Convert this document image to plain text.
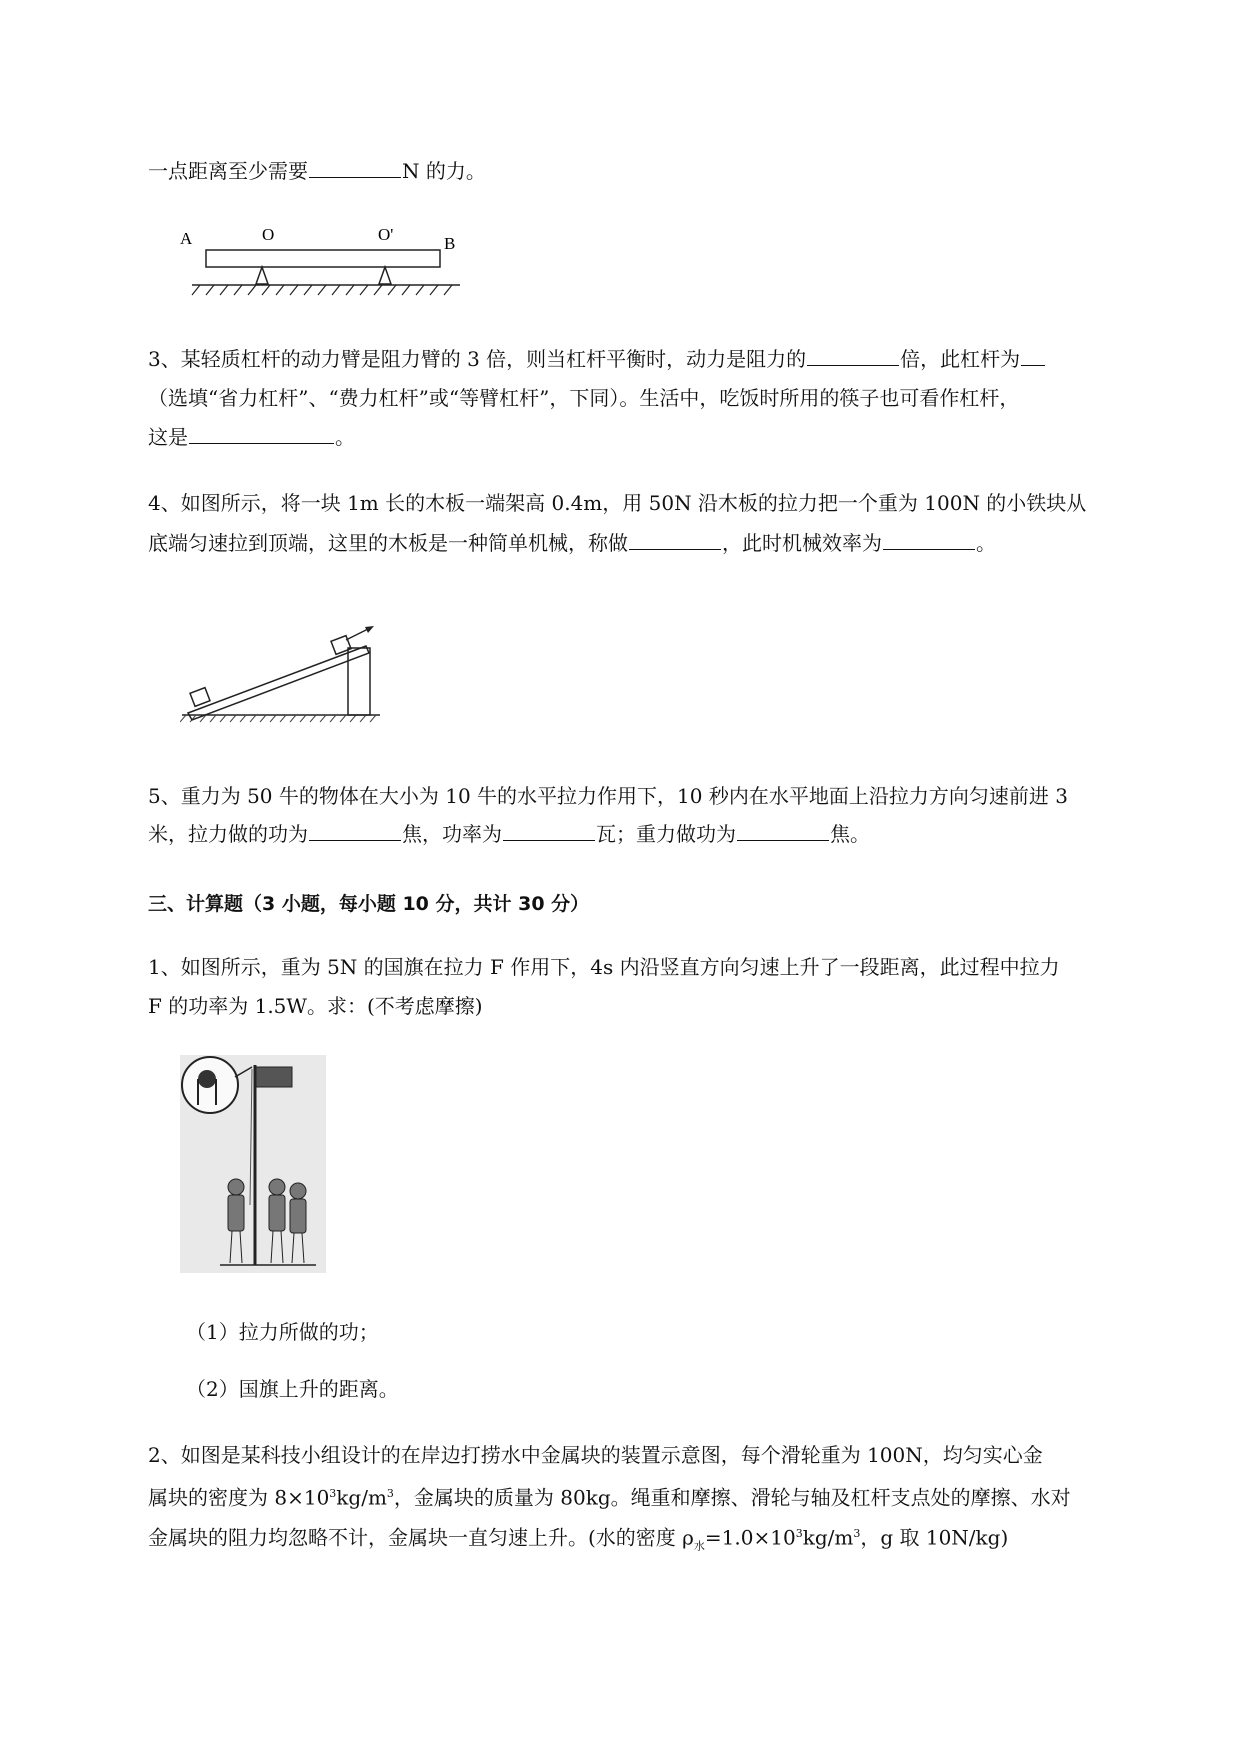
一点距离至少需要	N 的力。
A	O	O'	B
3、某轻质杠杆的动力臂是阻力臂的 3 倍，则当杠杆平衡时，动力是阻力的	倍，此杠杆为
（选填“省力杠杆”、“费力杠杆”或“等臂杠杆”，下同）。生活中，吃饭时所用的筷子也可看作杠杆，
这是	。
4、如图所示，将一块 1m 长的木板一端架高 0.4m，用 50N 沿木板的拉力把一个重为 100N 的小铁块从
底端匀速拉到顶端，这里的木板是一种简单机械，称做	，此时机械效率为	。
5、重力为 50 牛的物体在大小为 10 牛的水平拉力作用下，10 秒内在水平地面上沿拉力方向匀速前进 3
米，拉力做的功为	焦，功率为	瓦；重力做功为	焦。
三、计算题（3 小题，每小题 10 分，共计 30 分）
1、如图所示，重为 5N 的国旗在拉力 F 作用下，4s 内沿竖直方向匀速上升了一段距离，此过程中拉力
F 的功率为 1.5W。求：(不考虑摩擦)
（1）拉力所做的功；
（2）国旗上升的距离。
2、如图是某科技小组设计的在岸边打捞水中金属块的装置示意图，每个滑轮重为 100N，均匀实心金
属块的密度为 $8\times 10^3kg/m^3$，金属块的质量为 80kg。绳重和摩擦、滑轮与轴及杠杆支点处的摩擦、水对
金属块的阻力均忽略不计，金属块一直匀速上升。(水的密度 $\rho_水=1.0\times 10^3kg/m^3$，g 取 10N/kg)
